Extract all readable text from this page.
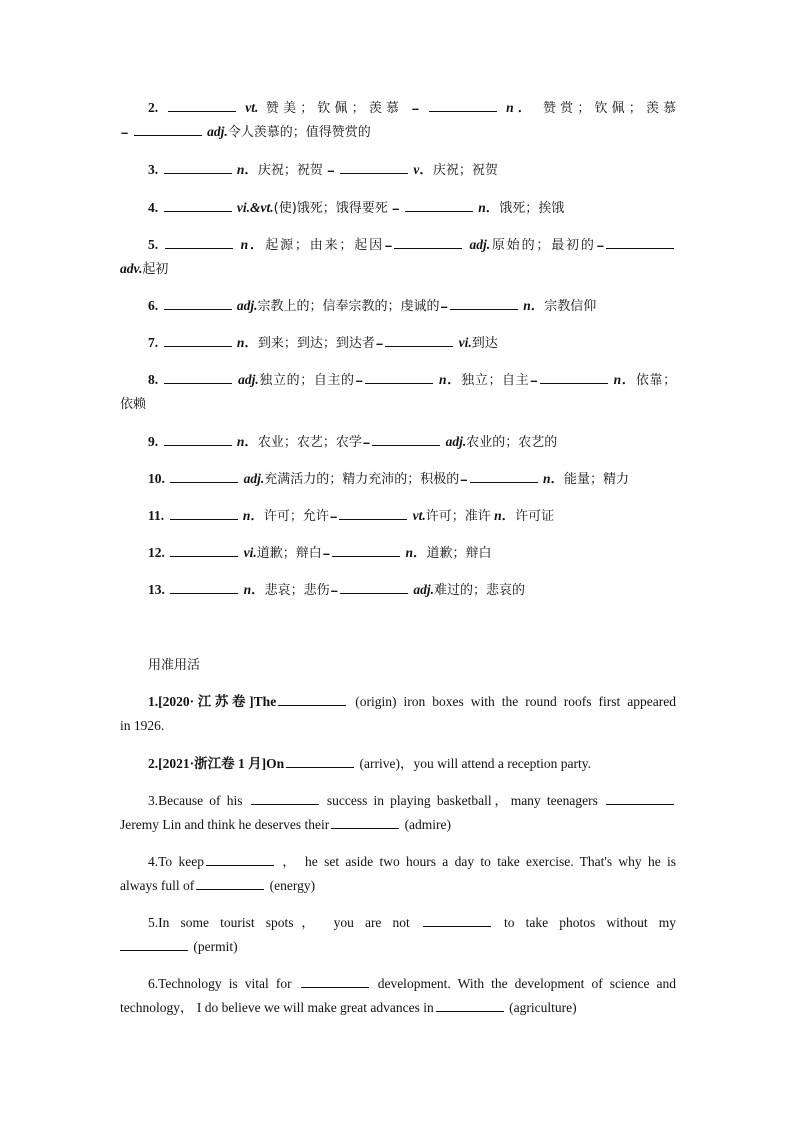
2.	vt. 赞美；钦佩；羡慕 --	n． 赞赏；钦佩；羡慕
--	adj.令人羡慕的；值得赞赏的
3.	n．庆祝；祝贺 --	v．庆祝；祝贺
4.	vi.&vt.(使)饿死；饿得要死 --	n．饿死；挨饿
5.	n．起源；由来；起因--	adj.原始的；最初的--
adv.起初
6.	adj.宗教上的；信奉宗教的；虔诚的--	n．宗教信仰
7.	n．到来；到达；到达者--	vi.到达
8.	adj.独立的；自主的--	n．独立；自主--	n．依靠；
依赖
9.	n．农业；农艺；农学--	adj.农业的；农艺的
10.	adj.充满活力的；精力充沛的；积极的--	n．能量；精力
11.	n．许可；允许--	vt.许可；准许 n．许可证
12.	vi.道歉；辩白--	n．道歉；辩白
13.	n．悲哀；悲伤--	adj.难过的；悲哀的
用准用活
1.[2020·江苏卷]The	(origin) iron boxes with the round roofs first appeared
in 1926.
2.[2021·浙江卷 1 月]On	(arrive)，you will attend a reception party.
3.Because of his	success in playing basketball，many teenagers
Jeremy Lin and think he deserves their	(admire)
4.To keep	， he set aside two hours a day to take exercise. That's why he is
always full of	(energy)
5.In some tourist spots， you are not	to take photos without my
(permit)
6.Technology is vital for	development. With the development of science and
technology， I do believe we will make great advances in	(agriculture)
